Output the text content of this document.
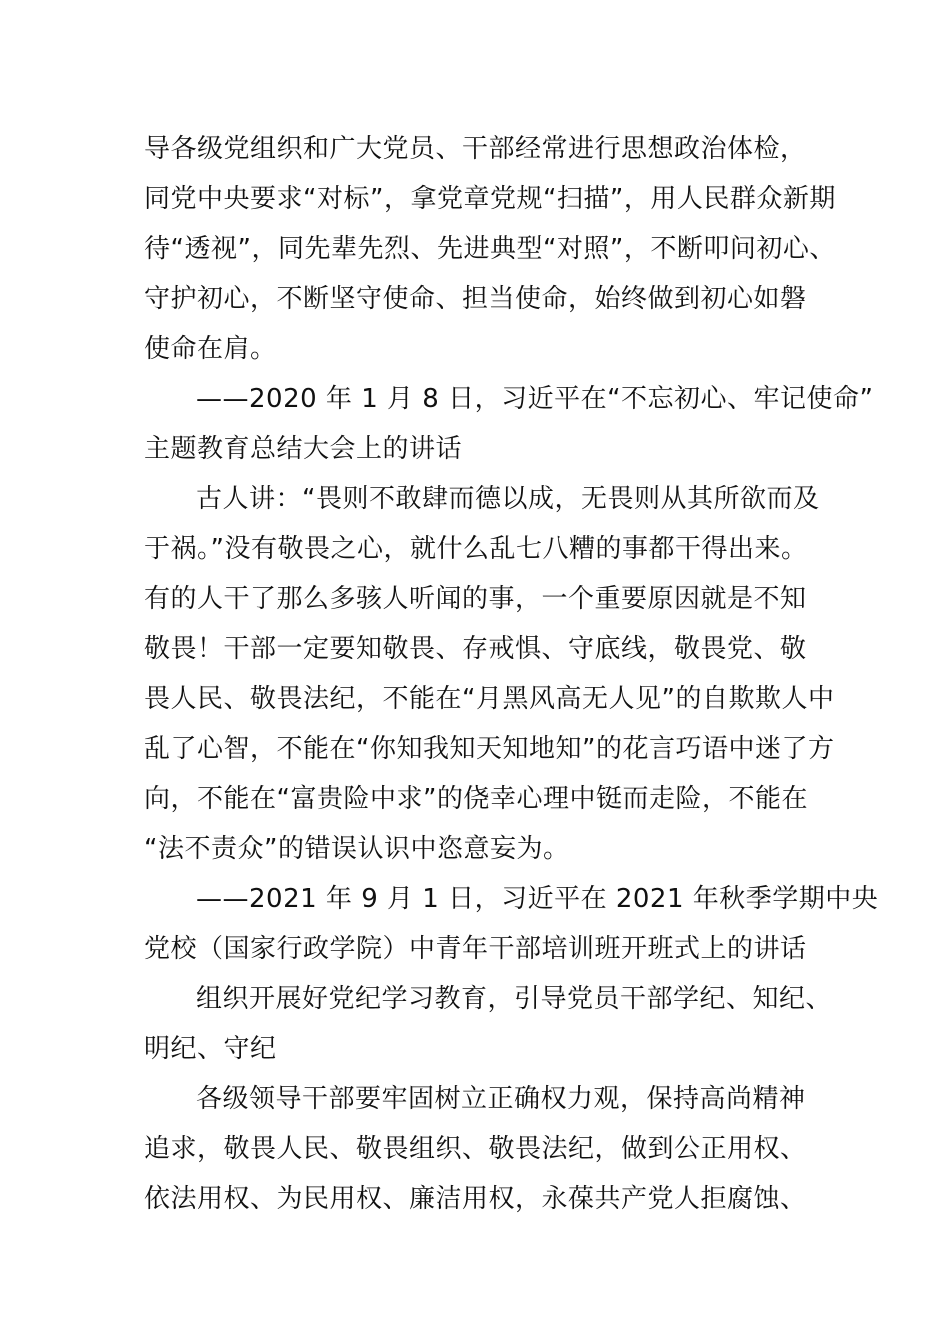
导各级党组织和广大党员、干部经常进行思想政治体检，
同党中央要求“对标”，拿党章党规“扫描”，用人民群众新期
待“透视”，同先辈先烈、先进典型“对照”，不断叩问初心、
守护初心，不断坚守使命、担当使命，始终做到初心如磐
使命在肩。
——2020 年 1 月 8 日，习近平在“不忘初心、牢记使命”
主题教育总结大会上的讲话
古人讲：“畏则不敢肆而德以成，无畏则从其所欲而及
于祸。”没有敬畏之心，就什么乱七八糟的事都干得出来。
有的人干了那么多骇人听闻的事，一个重要原因就是不知
敬畏！干部一定要知敬畏、存戒惧、守底线，敬畏党、敬
畏人民、敬畏法纪，不能在“月黑风高无人见”的自欺欺人中
乱了心智，不能在“你知我知天知地知”的花言巧语中迷了方
向，不能在“富贵险中求”的侥幸心理中铤而走险，不能在
“法不责众”的错误认识中恣意妄为。
——2021 年 9 月 1 日，习近平在 2021 年秋季学期中央
党校（国家行政学院）中青年干部培训班开班式上的讲话
组织开展好党纪学习教育，引导党员干部学纪、知纪、
明纪、守纪
各级领导干部要牢固树立正确权力观，保持高尚精神
追求，敬畏人民、敬畏组织、敬畏法纪，做到公正用权、
依法用权、为民用权、廉洁用权，永葆共产党人拒腐蚀、
